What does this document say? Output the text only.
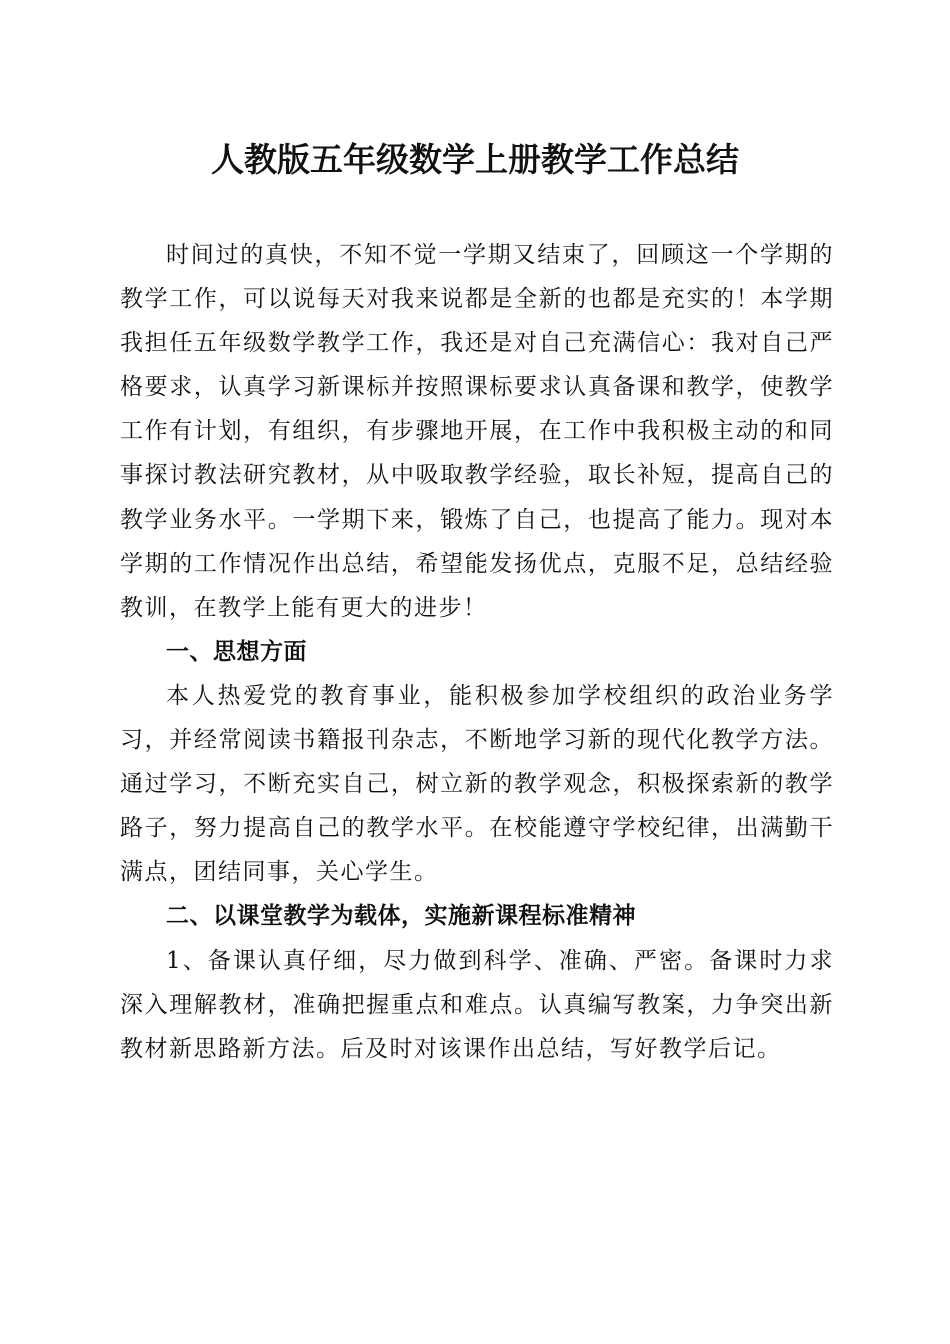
人教版五年级数学上册教学工作总结

时间过的真快，不知不觉一学期又结束了，回顾这一个学期的教学工作，可以说每天对我来说都是全新的也都是充实的！本学期我担任五年级数学教学工作，我还是对自己充满信心：我对自己严格要求，认真学习新课标并按照课标要求认真备课和教学，使教学工作有计划，有组织，有步骤地开展，在工作中我积极主动的和同事探讨教法研究教材，从中吸取教学经验，取长补短，提高自己的教学业务水平。一学期下来，锻炼了自己，也提高了能力。现对本学期的工作情况作出总结，希望能发扬优点，克服不足，总结经验教训，在教学上能有更大的进步！

一、思想方面

本人热爱党的教育事业，能积极参加学校组织的政治业务学习，并经常阅读书籍报刊杂志，不断地学习新的现代化教学方法。通过学习，不断充实自己，树立新的教学观念，积极探索新的教学路子，努力提高自己的教学水平。在校能遵守学校纪律，出满勤干满点，团结同事，关心学生。

二、以课堂教学为载体，实施新课程标准精神

1、备课认真仔细，尽力做到科学、准确、严密。备课时力求深入理解教材，准确把握重点和难点。认真编写教案，力争突出新教材新思路新方法。后及时对该课作出总结，写好教学后记。
